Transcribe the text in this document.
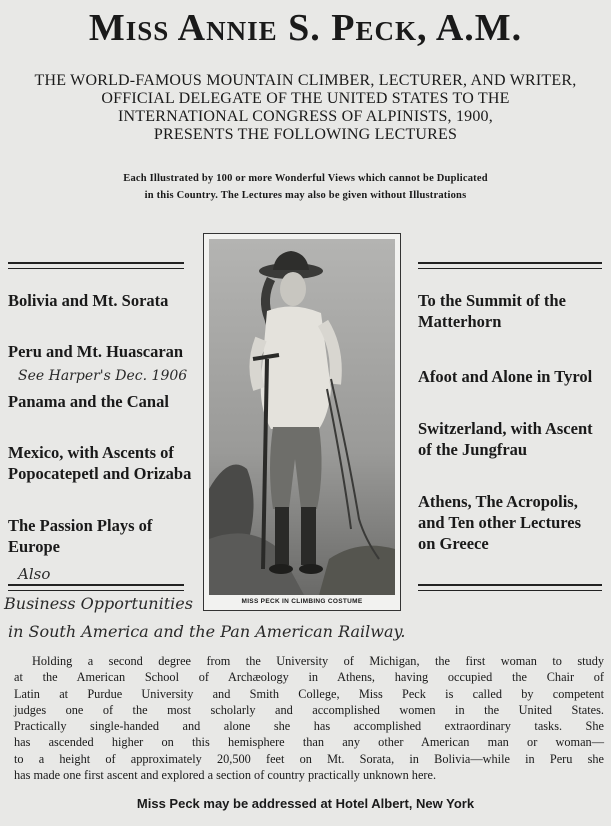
Miss Annie S. Peck, A.M.
THE WORLD-FAMOUS MOUNTAIN CLIMBER, LECTURER, AND WRITER,
OFFICIAL DELEGATE OF THE UNITED STATES TO THE
INTERNATIONAL CONGRESS OF ALPINISTS, 1900,
PRESENTS THE FOLLOWING LECTURES
Each Illustrated by 100 or more Wonderful Views which cannot be Duplicated
in this Country. The Lectures may also be given without Illustrations
Bolivia and Mt. Sorata
Peru and Mt. Huascaran
Panama and the Canal
Mexico, with Ascents of
Popocatepetl and Orizaba
The Passion Plays of
Europe
To the Summit of the
Matterhorn
Afoot and Alone in Tyrol
Switzerland, with Ascent
of the Jungfrau
Athens, The Acropolis,
and Ten other Lectures
on Greece
MISS PECK IN CLIMBING COSTUME
See Harper's Dec. 1906
Also
Business Opportunities
in South America and the Pan American Railway.
Holding a second degree from the University of Michigan, the first woman to study
at the American School of Archæology in Athens, having occupied the Chair of
Latin at Purdue University and Smith College, Miss Peck is called by competent
judges one of the most scholarly and accomplished women in the United States.
Practically single-handed and alone she has accomplished extraordinary tasks. She
has ascended higher on this hemisphere than any other American man or woman—
to a height of approximately 20,500 feet on Mt. Sorata, in Bolivia—while in Peru she
has made one first ascent and explored a section of country practically unknown here.
Miss Peck may be addressed at Hotel Albert, New York
